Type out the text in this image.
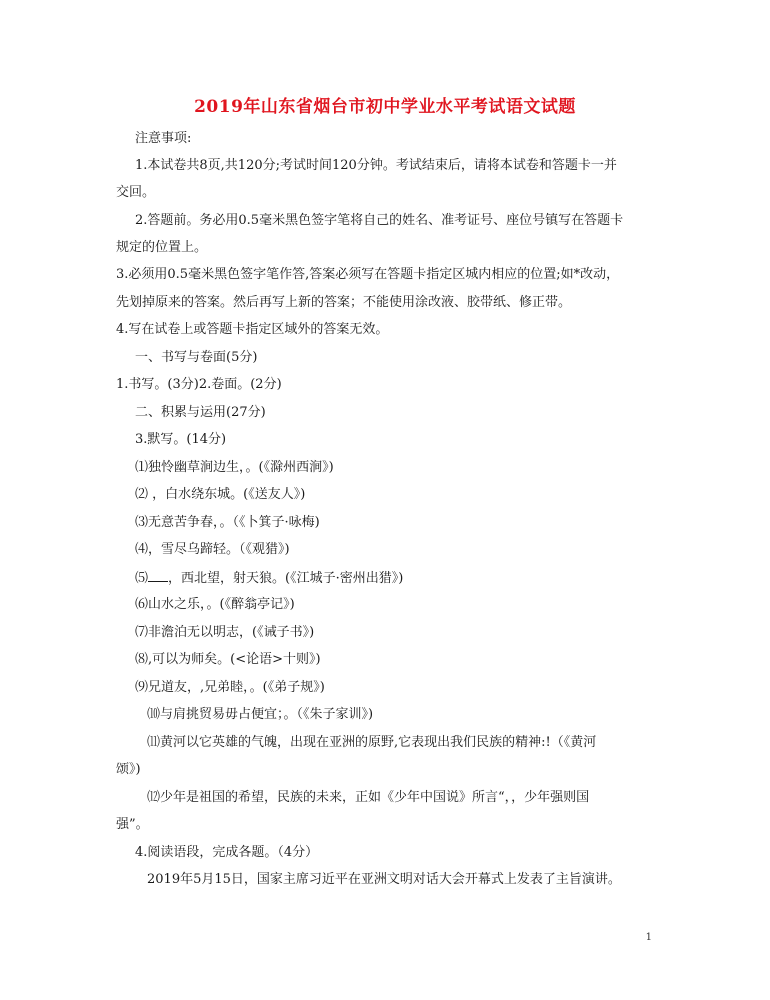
2019年山东省烟台市初中学业水平考试语文试题
注意事项:
1.本试卷共8页,共120分;考试时间120分钟。考试结束后，请将本试卷和答题卡一并
交回。
2.答题前。务必用0.5毫米黑色签字笔将自己的姓名、准考证号、座位号镇写在答题卡
规定的位置上。
3.必须用0.5毫米黑色签字笔作答,答案必须写在答题卡指定区城内相应的位置;如*改动，
先划掉原来的答案。然后再写上新的答案；不能使用涂改液、胶带纸、修正带。
4.写在试卷上或答题卡指定区域外的答案无效。
一、书写与卷面(5分)
1.书写。(3分)2.卷面。(2分)
二、积累与运用(27分)
3.默写。(14分)
⑴独怜幽草涧边生，。(《滁州西涧》)
⑵ ，白水绕东城。(《送友人》)
⑶无意苦争春，。（《卜箕子·咏梅)
⑷，雪尽乌蹄轻。（《观猎》)
⑸ ，西北望，射天狼。(《江城子·密州出猎》)
⑹山水之乐，。(《醉翁亭记》)
⑺非澹泊无以明志，(《诫子书》)
⑻,可以为师矣。(<论语>十则》)
⑼兄道友，,兄弟睦，。(《弟子规》)
⑽与肩挑贸易毋占便宜；。（《朱子家训》)
⑾黄河以它英雄的气魄，出现在亚洲的原野,它表现出我们民族的精神:!（《黄河
颂》)
⑿少年是祖国的希望，民族的未来，正如《少年中国说》所言“，，少年强则国
强”。
4.阅读语段，完成各题。（4分）
2019年5月15日，国家主席习近平在亚洲文明对话大会开幕式上发表了主旨演讲。
1
